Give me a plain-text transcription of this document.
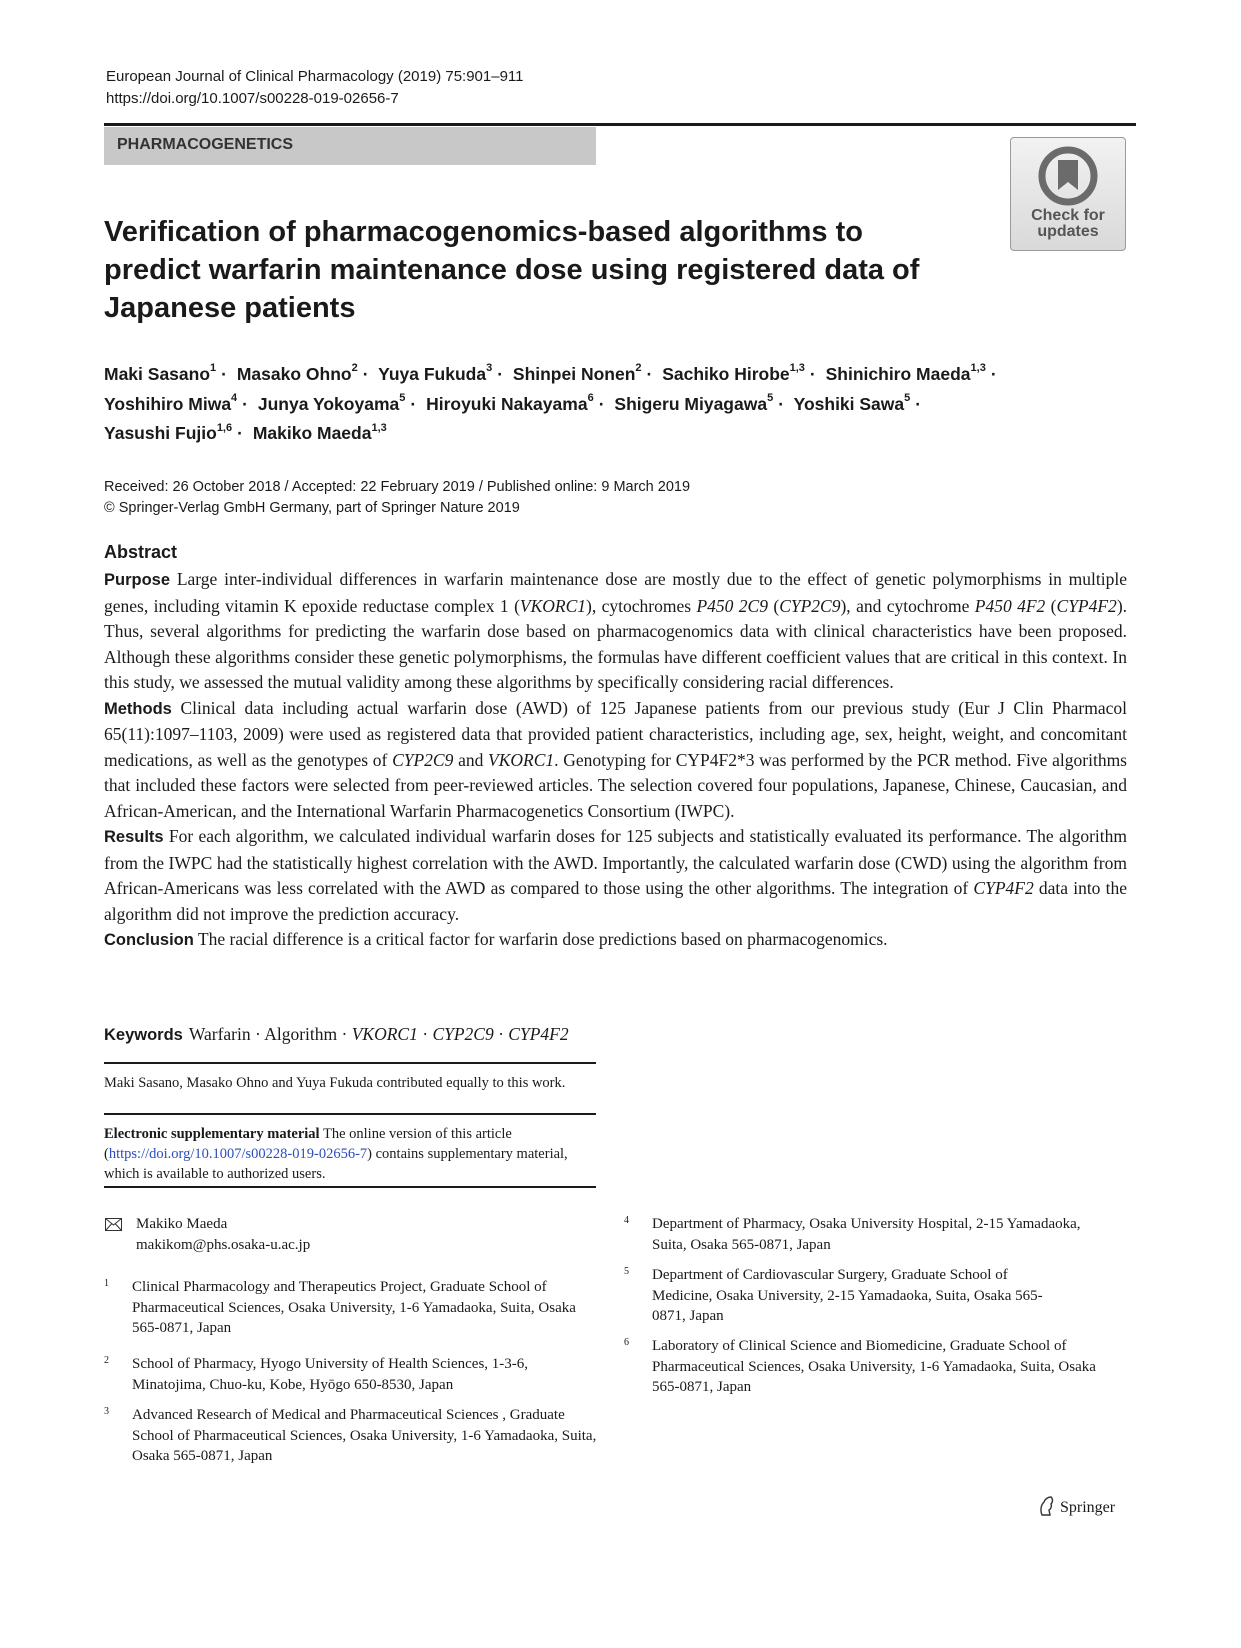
European Journal of Clinical Pharmacology (2019) 75:901–911
https://doi.org/10.1007/s00228-019-02656-7
PHARMACOGENETICS
Check for updates
Verification of pharmacogenomics-based algorithms to predict warfarin maintenance dose using registered data of Japanese patients
Maki Sasano$^1$ · Masako Ohno$^2$ · Yuya Fukuda$^3$ · Shinpei Nonen$^2$ · Sachiko Hirobe$^{1,3}$ · Shinichiro Maeda$^{1,3}$ ·
Yoshihiro Miwa$^4$ · Junya Yokoyama$^5$ · Hiroyuki Nakayama$^6$ · Shigeru Miyagawa$^5$ · Yoshiki Sawa$^5$ ·
Yasushi Fujio$^{1,6}$ · Makiko Maeda$^{1,3}$
Received: 26 October 2018 / Accepted: 22 February 2019 / Published online: 9 March 2019
© Springer-Verlag GmbH Germany, part of Springer Nature 2019
Abstract

Purpose Large inter-individual differences in warfarin maintenance dose are mostly due to the effect of genetic polymorphisms in multiple genes, including vitamin K epoxide reductase complex 1 (VKORC1), cytochromes P450 2C9 (CYP2C9), and cytochrome P450 4F2 (CYP4F2). Thus, several algorithms for predicting the warfarin dose based on pharmacogenomics data with clinical characteristics have been proposed. Although these algorithms consider these genetic polymorphisms, the formulas have different coefficient values that are critical in this context. In this study, we assessed the mutual validity among these algorithms by specifically considering racial differences.

Methods Clinical data including actual warfarin dose (AWD) of 125 Japanese patients from our previous study (Eur J Clin Pharmacol 65(11):1097–1103, 2009) were used as registered data that provided patient characteristics, including age, sex, height, weight, and concomitant medications, as well as the genotypes of CYP2C9 and VKORC1. Genotyping for CYP4F2*3 was performed by the PCR method. Five algorithms that included these factors were selected from peer-reviewed articles. The selection covered four populations, Japanese, Chinese, Caucasian, and African-American, and the International Warfarin Pharmacogenetics Consortium (IWPC).

Results For each algorithm, we calculated individual warfarin doses for 125 subjects and statistically evaluated its performance. The algorithm from the IWPC had the statistically highest correlation with the AWD. Importantly, the calculated warfarin dose (CWD) using the algorithm from African-Americans was less correlated with the AWD as compared to those using the other algorithms. The integration of CYP4F2 data into the algorithm did not improve the prediction accuracy.

Conclusion The racial difference is a critical factor for warfarin dose predictions based on pharmacogenomics.

Keywords Warfarin · Algorithm · VKORC1 · CYP2C9 · CYP4F2
Maki Sasano, Masako Ohno and Yuya Fukuda contributed equally to this work.
Electronic supplementary material The online version of this article (https://doi.org/10.1007/s00228-019-02656-7) contains supplementary material, which is available to authorized users.
Makiko Maeda
makikom@phs.osaka-u.ac.jp
1 Clinical Pharmacology and Therapeutics Project, Graduate School of Pharmaceutical Sciences, Osaka University, 1-6 Yamadaoka, Suita, Osaka 565-0871, Japan
2 School of Pharmacy, Hyogo University of Health Sciences, 1-3-6, Minatojima, Chuo-ku, Kobe, Hyōgo 650-8530, Japan
3 Advanced Research of Medical and Pharmaceutical Sciences , Graduate School of Pharmaceutical Sciences, Osaka University, 1-6 Yamadaoka, Suita, Osaka 565-0871, Japan
4 Department of Pharmacy, Osaka University Hospital, 2-15 Yamadaoka, Suita, Osaka 565-0871, Japan
5 Department of Cardiovascular Surgery, Graduate School of Medicine, Osaka University, 2-15 Yamadaoka, Suita, Osaka 565-0871, Japan
6 Laboratory of Clinical Science and Biomedicine, Graduate School of Pharmaceutical Sciences, Osaka University, 1-6 Yamadaoka, Suita, Osaka 565-0871, Japan
Springer
